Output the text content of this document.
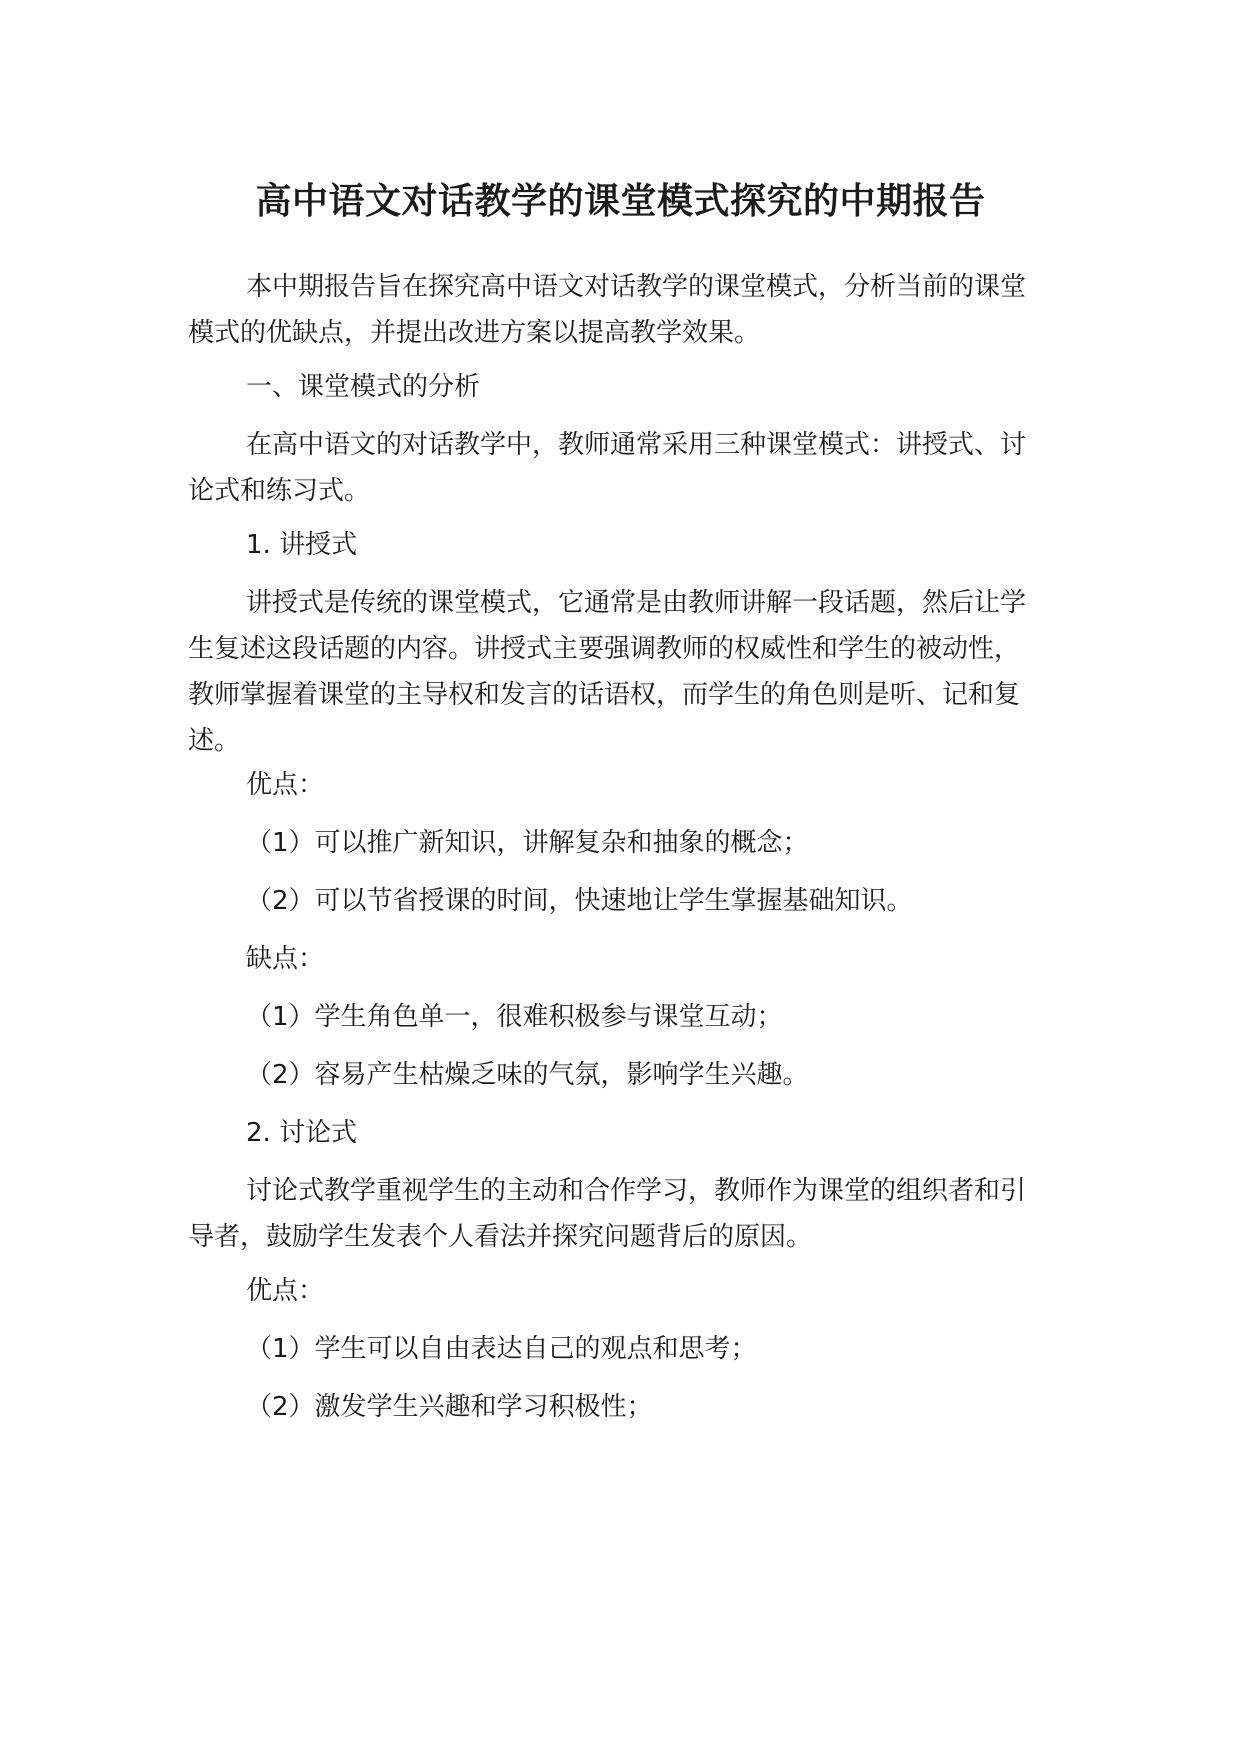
高中语文对话教学的课堂模式探究的中期报告

本中期报告旨在探究高中语文对话教学的课堂模式，分析当前的课堂模式的优缺点，并提出改进方案以提高教学效果。

一、课堂模式的分析

在高中语文的对话教学中，教师通常采用三种课堂模式：讲授式、讨论式和练习式。

1. 讲授式

讲授式是传统的课堂模式，它通常是由教师讲解一段话题，然后让学生复述这段话题的内容。讲授式主要强调教师的权威性和学生的被动性，教师掌握着课堂的主导权和发言的话语权，而学生的角色则是听、记和复述。

优点：

（1）可以推广新知识，讲解复杂和抽象的概念；

（2）可以节省授课的时间，快速地让学生掌握基础知识。

缺点：

（1）学生角色单一，很难积极参与课堂互动；

（2）容易产生枯燥乏味的气氛，影响学生兴趣。

2. 讨论式

讨论式教学重视学生的主动和合作学习，教师作为课堂的组织者和引导者，鼓励学生发表个人看法并探究问题背后的原因。

优点：

（1）学生可以自由表达自己的观点和思考；

（2）激发学生兴趣和学习积极性；
